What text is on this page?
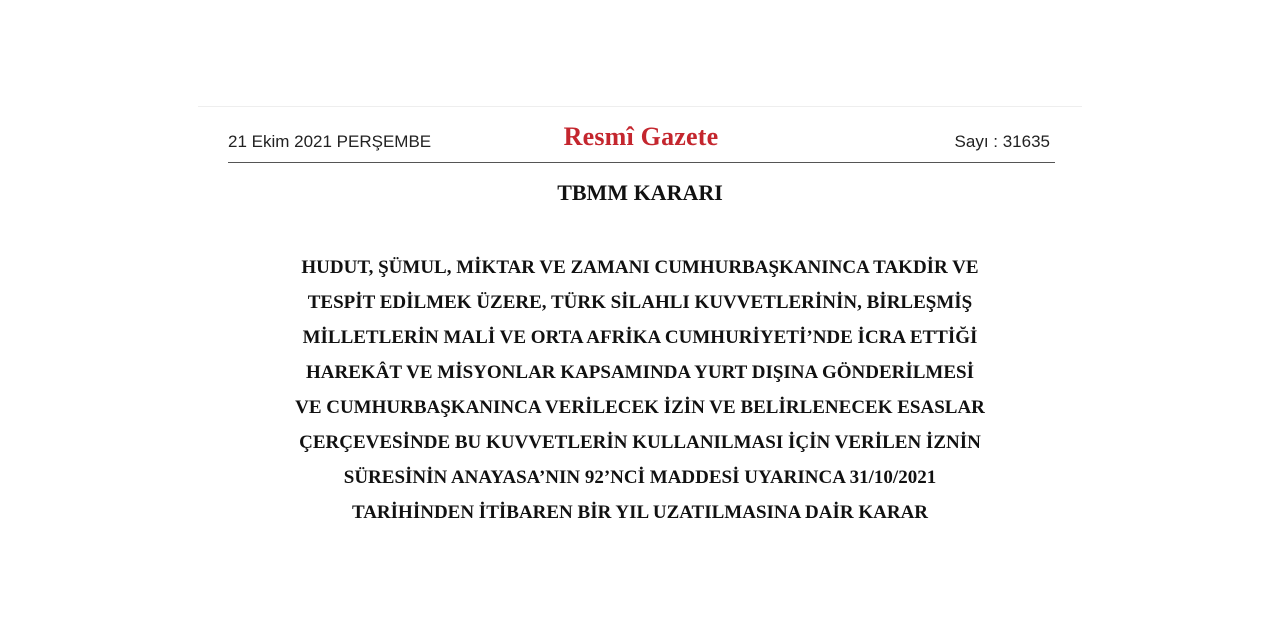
21 Ekim 2021 PERŞEMBE	Resmî Gazete	Sayı : 31635
TBMM KARARI
HUDUT, ŞÜMUL, MİKTAR VE ZAMANI CUMHURBAŞKANINCA TAKDİR VE
TESPİT EDİLMEK ÜZERE, TÜRK SİLAHLI KUVVETLERİNİN, BİRLEŞMİŞ
MİLLETLERİN MALİ VE ORTA AFRİKA CUMHURİYETİ’NDE İCRA ETTİĞİ
HAREKÂT VE MİSYONLAR KAPSAMINDA YURT DIŞINA GÖNDERİLMESİ
VE CUMHURBAŞKANINCA VERİLECEK İZİN VE BELİRLENECEK ESASLAR
ÇERÇEVESİNDE BU KUVVETLERİN KULLANILMASI İÇİN VERİLEN İZNİN
SÜRESİNİN ANAYASA’NIN 92’NCİ MADDESİ UYARINCA 31/10/2021
TARİHİNDEN İTİBAREN BİR YIL UZATILMASINA DAİR KARAR
